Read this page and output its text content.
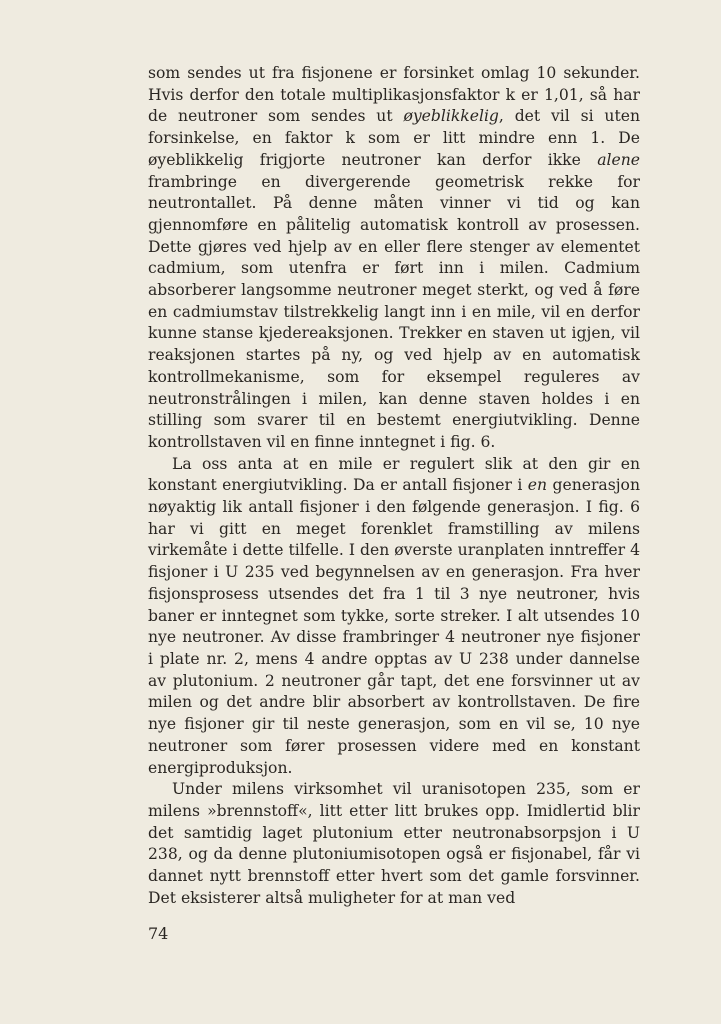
som sendes ut fra fisjonene er forsinket omlag 10 sekunder. Hvis derfor den totale multiplikasjonsfaktor k er 1,01, så har de neutroner som sendes ut øyeblikkelig, det vil si uten forsinkelse, en faktor k som er litt mindre enn 1. De øyeblikkelig frigjorte neutroner kan derfor ikke alene frambringe en divergerende geometrisk rekke for neutrontallet. På denne måten vinner vi tid og kan gjennomføre en pålitelig automatisk kontroll av prosessen. Dette gjøres ved hjelp av en eller flere stenger av elementet cadmium, som utenfra er ført inn i milen. Cadmium absorberer langsomme neutroner meget sterkt, og ved å føre en cadmiumstav tilstrekkelig langt inn i en mile, vil en derfor kunne stanse kjedereaksjonen. Trekker en staven ut igjen, vil reaksjonen startes på ny, og ved hjelp av en automatisk kontrollmekanisme, som for eksempel reguleres av neutronstrålingen i milen, kan denne staven holdes i en stilling som svarer til en bestemt energiutvikling. Denne kontrollstaven vil en finne inntegnet i fig. 6.

La oss anta at en mile er regulert slik at den gir en konstant energiutvikling. Da er antall fisjoner i en generasjon nøyaktig lik antall fisjoner i den følgende generasjon. I fig. 6 har vi gitt en meget forenklet framstilling av milens virkemåte i dette tilfelle. I den øverste uranplaten inntreffer 4 fisjoner i U 235 ved begynnelsen av en generasjon. Fra hver fisjonsprosess utsendes det fra 1 til 3 nye neutroner, hvis baner er inntegnet som tykke, sorte streker. I alt utsendes 10 nye neutroner. Av disse frambringer 4 neutroner nye fisjoner i plate nr. 2, mens 4 andre opptas av U 238 under dannelse av plutonium. 2 neutroner går tapt, det ene forsvinner ut av milen og det andre blir absorbert av kontrollstaven. De fire nye fisjoner gir til neste generasjon, som en vil se, 10 nye neutroner som fører prosessen videre med en konstant energiproduksjon.

Under milens virksomhet vil uranisotopen 235, som er milens »brennstoff«, litt etter litt brukes opp. Imidlertid blir det samtidig laget plutonium etter neutronabsorpsjon i U 238, og da denne plutoniumisotopen også er fisjonabel, får vi dannet nytt brennstoff etter hvert som det gamle forsvinner. Det eksisterer altså muligheter for at man ved

74
